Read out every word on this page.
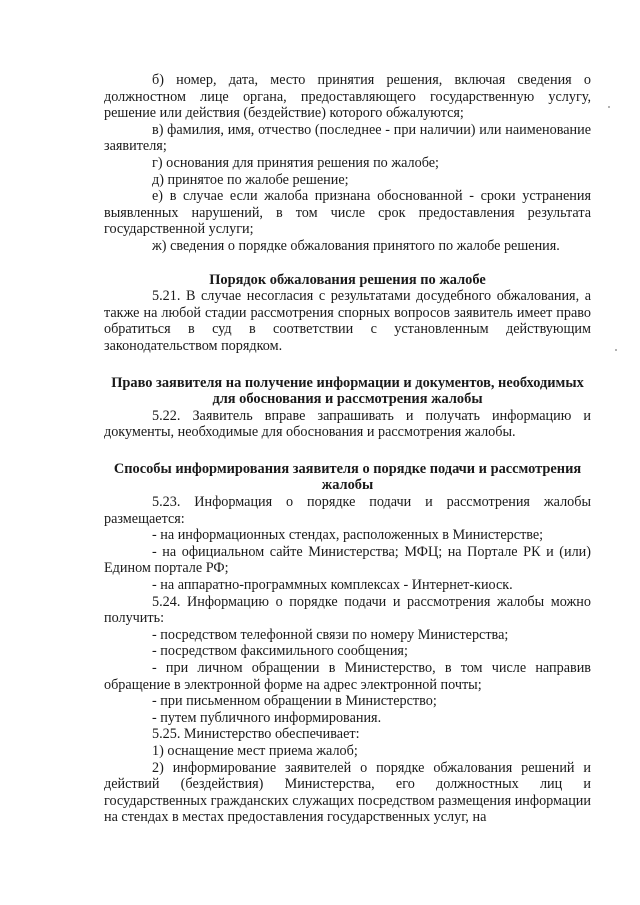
б) номер, дата, место принятия решения, включая сведения о должностном лице органа, предоставляющего государственную услугу, решение или действия (бездействие) которого обжалуются;

в) фамилия, имя, отчество (последнее - при наличии) или наименование заявителя;

г) основания для принятия решения по жалобе;

д) принятое по жалобе решение;

е) в случае если жалоба признана обоснованной - сроки устранения выявленных нарушений, в том числе срок предоставления результата государственной услуги;

ж) сведения о порядке обжалования принятого по жалобе решения.

Порядок обжалования решения по жалобе

5.21. В случае несогласия с результатами досудебного обжалования, а также на любой стадии рассмотрения спорных вопросов заявитель имеет право обратиться в суд в соответствии с установленным действующим законодательством порядком.

Право заявителя на получение информации и документов, необходимых для обоснования и рассмотрения жалобы

5.22. Заявитель вправе запрашивать и получать информацию и документы, необходимые для обоснования и рассмотрения жалобы.

Способы информирования заявителя о порядке подачи и рассмотрения жалобы

5.23. Информация о порядке подачи и рассмотрения жалобы размещается:

- на информационных стендах, расположенных в Министерстве;

- на официальном сайте Министерства; МФЦ; на Портале РК и (или) Едином портале РФ;

- на аппаратно-программных комплексах - Интернет-киоск.

5.24. Информацию о порядке подачи и рассмотрения жалобы можно получить:

- посредством телефонной связи по номеру Министерства;

- посредством факсимильного сообщения;

- при личном обращении в Министерство, в том числе направив обращение в электронной форме на адрес электронной почты;

- при письменном обращении в Министерство;

- путем публичного информирования.

5.25. Министерство обеспечивает:

1) оснащение мест приема жалоб;

2) информирование заявителей о порядке обжалования решений и действий (бездействия) Министерства, его должностных лиц и государственных гражданских служащих посредством размещения информации на стендах в местах предоставления государственных услуг, на
